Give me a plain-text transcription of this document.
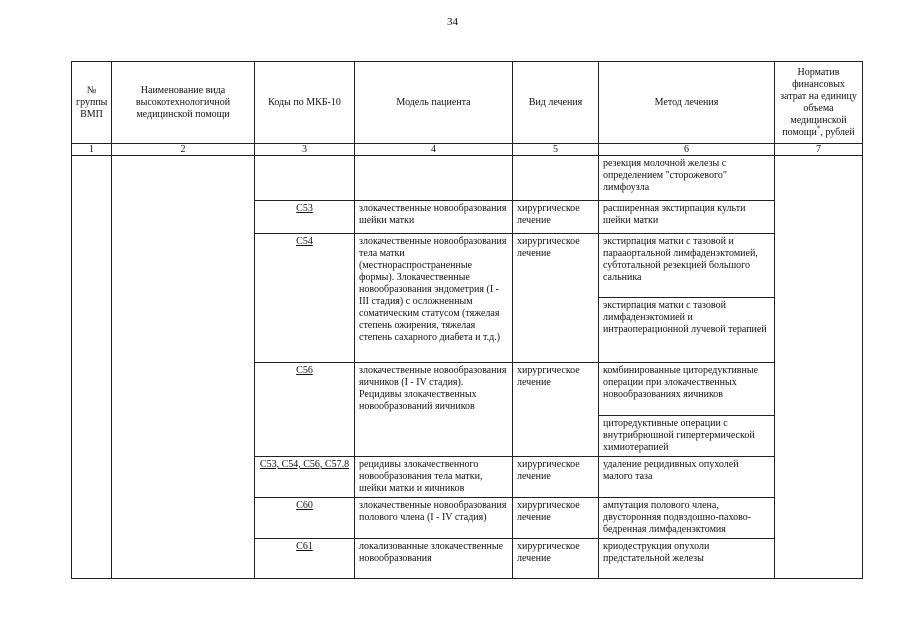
34
№ группы ВМП	Наименование вида высокотехнологичной медицинской помощи	Коды по МКБ-10	Модель пациента	Вид лечения	Метод лечения	Норматив финансовых затрат на единицу объема медицинской помощи*, рублей
1	2	3	4	5	6	7
					резекция молочной железы с определением "сторожевого" лимфоузла	
		C53	злокачественные новообразования шейки матки	хирургическое лечение	расширенная экстирпация культи шейки матки	
		C54	злокачественные новообразования тела матки (местнораспространенные формы). Злокачественные новообразования эндометрия (I - III стадия) с осложненным соматическим статусом (тяжелая степень ожирения, тяжелая степень сахарного диабета и т.д.)	хирургическое лечение	экстирпация матки с тазовой и парааортальной лимфаденэктомией, субтотальной резекцией большого сальника	
					экстирпация матки с тазовой лимфаденэктомией и интраоперационной лучевой терапией	
		C56	злокачественные новообразования яичников (I - IV стадия). Рецидивы злокачественных новообразований яичников	хирургическое лечение	комбинированные циторедуктивные операции при злокачественных новообразованиях яичников	
					циторедуктивные операции с внутрибрюшной гипертермической химиотерапией	
		C53, C54, C56, C57.8	рецидивы злокачественного новообразования тела матки, шейки матки и яичников	хирургическое лечение	удаление рецидивных опухолей малого таза	
		C60	злокачественные новообразования полового члена (I - IV стадия)	хирургическое лечение	ампутация полового члена, двусторонняя подвздошно-пахово-бедренная лимфаденэктомия	
		C61	локализованные злокачественные новообразования	хирургическое лечение	криодеструкция опухоли предстательной железы	
